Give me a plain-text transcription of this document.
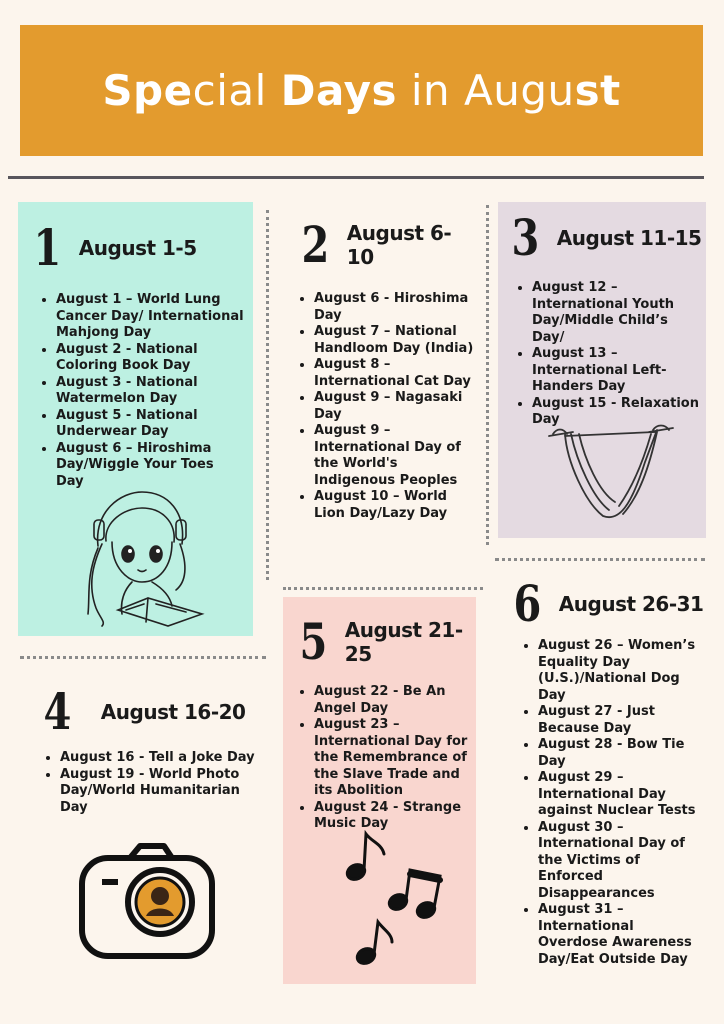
Special Days in August
1 August 1-5
• August 1 – World Lung Cancer Day/ International Mahjong Day
• August 2 - National Coloring Book Day
• August 3 - National Watermelon Day
• August 5 - National Underwear Day
• August 6 – Hiroshima Day/Wiggle Your Toes Day
2 August 6-10
• August 6 - Hiroshima Day
• August 7 – National Handloom Day (India)
• August 8 – International Cat Day
• August 9 – Nagasaki Day
• August 9 – International Day of the World's Indigenous Peoples
• August 10 – World Lion Day/Lazy Day
3 August 11-15
• August 12 – International Youth Day/Middle Child’s Day/
• August 13 – International Left-Handers Day
• August 15 - Relaxation Day
4 August 16-20
• August 16 - Tell a Joke Day
• August 19 - World Photo Day/World Humanitarian Day
5 August 21-25
• August 22 - Be An Angel Day
• August 23 – International Day for the Remembrance of the Slave Trade and its Abolition
• August 24 - Strange Music Day
6 August 26-31
• August 26 – Women’s Equality Day (U.S.)/National Dog Day
• August 27 - Just Because Day
• August 28 - Bow Tie Day
• August 29 – International Day against Nuclear Tests
• August 30 – International Day of the Victims of Enforced Disappearances
• August 31 – International Overdose Awareness Day/Eat Outside Day
